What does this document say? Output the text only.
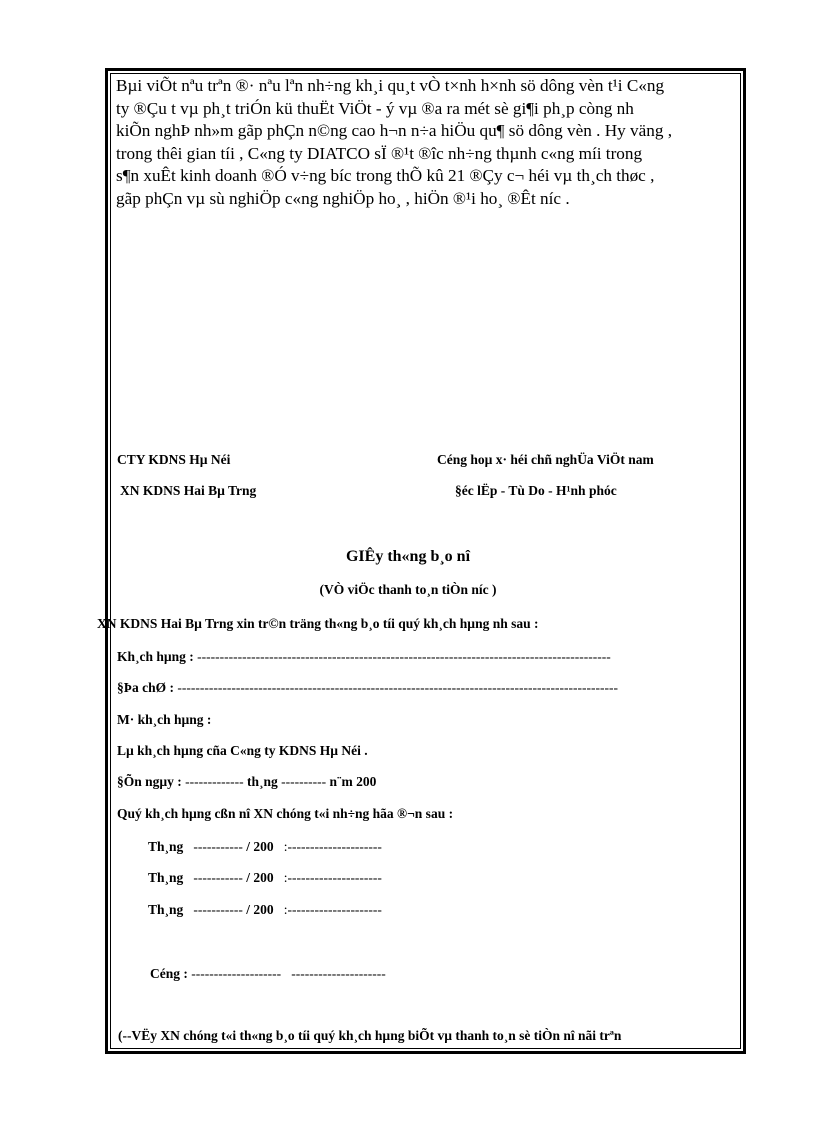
Bµi viÕt nªu trªn ®· nªu lªn nh÷ng kh¸i qu¸t vÒ t×nh h×nh sö dông vèn t¹i C«ng
ty ®Çu t vµ ph¸t triÓn kü thuËt ViÖt - ý vµ ®a ra mét sè gi¶i ph¸p còng nh
kiÕn nghÞ nh»m gãp phÇn n©ng cao h¬n n÷a hiÖu qu¶ sö dông vèn . Hy väng ,
trong thêi gian tíi , C«ng ty DIATCO sÏ ®¹t ®îc nh÷ng thµnh c«ng míi trong
s¶n xuÊt kinh doanh ®Ó v÷ng bíc trong thÕ kû 21 ®Çy c¬ héi vµ th¸ch thøc ,
gãp phÇn vµ sù nghiÖp c«ng nghiÖp ho¸ , hiÖn ®¹i ho¸ ®Êt níc .

CTY KDNS Hµ Néi
XN KDNS Hai Bµ Trng
Céng hoµ x· héi chñ nghÜa ViÖt nam
§éc lËp - Tù Do - H¹nh phóc
GIÊy th«ng b¸o nî
(VÒ viÖc thanh to¸n tiÒn níc )
XN KDNS Hai Bµ Trng xin tr©n träng th«ng b¸o tíi quý kh¸ch hµng nh sau :
Kh¸ch hµng : --------------------------------------------------------------------------------------------
§Þa chØ : --------------------------------------------------------------------------------------------------
M· kh¸ch hµng :
Lµ kh¸ch hµng cña C«ng ty KDNS Hµ Néi .
§Õn ngµy : ------------- th¸ng ---------- n¨m 200
Quý kh¸ch hµng cßn nî XN chóng t«i nh÷ng hãa ®¬n sau :
Th¸ng ----------- / 200 :---------------------
Th¸ng ----------- / 200 :---------------------
Th¸ng ----------- / 200 :---------------------
Céng : -------------------- ---------------------
(--VËy XN chóng t«i th«ng b¸o tíi quý kh¸ch hµng biÕt vµ thanh to¸n sè tiÒn nî nãi trªn
